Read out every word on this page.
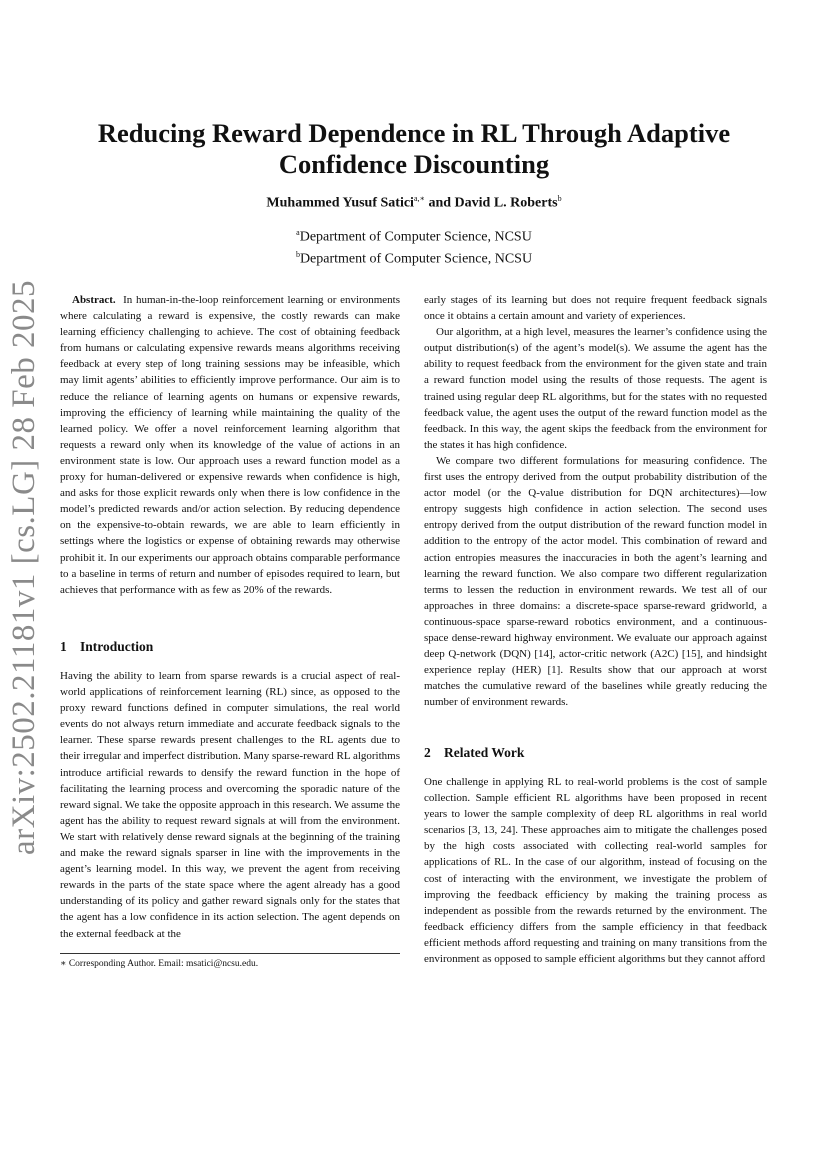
arXiv:2502.21181v1 [cs.LG] 28 Feb 2025
Reducing Reward Dependence in RL Through Adaptive
Confidence Discounting
Muhammed Yusuf Satici$^{a,∗}$ and David L. Roberts$^b$
$^a$Department of Computer Science, NCSU
$^b$Department of Computer Science, NCSU

Abstract. In human-in-the-loop reinforcement learning or environments where calculating a reward is expensive, the costly rewards can make learning efficiency challenging to achieve. The cost of obtaining feedback from humans or calculating expensive rewards means algorithms receiving feedback at every step of long training sessions may be infeasible, which may limit agents’ abilities to efficiently improve performance. Our aim is to reduce the reliance of learning agents on humans or expensive rewards, improving the efficiency of learning while maintaining the quality of the learned policy. We offer a novel reinforcement learning algorithm that requests a reward only when its knowledge of the value of actions in an environment state is low. Our approach uses a reward function model as a proxy for human-delivered or expensive rewards when confidence is high, and asks for those explicit rewards only when there is low confidence in the model’s predicted rewards and/or action selection. By reducing dependence on the expensive-to-obtain rewards, we are able to learn efficiently in settings where the logistics or expense of obtaining rewards may otherwise prohibit it. In our experiments our approach obtains comparable performance to a baseline in terms of return and number of episodes required to learn, but achieves that performance with as few as 20% of the rewards.

1 Introduction

Having the ability to learn from sparse rewards is a crucial aspect of real-world applications of reinforcement learning (RL) since, as opposed to the proxy reward functions defined in computer simulations, the real world events do not always return immediate and accurate feedback signals to the learner. These sparse rewards present challenges to the RL agents due to their irregular and imperfect distribution. Many sparse-reward RL algorithms introduce artificial rewards to densify the reward function in the hope of facilitating the learning process and overcoming the sporadic nature of the reward signal. We take the opposite approach in this research. We assume the agent has the ability to request reward signals at will from the environment. We start with relatively dense reward signals at the beginning of the training and make the reward signals sparser in line with the improvements in the agent’s learning model. In this way, we prevent the agent from receiving rewards in the parts of the state space where the agent already has a good understanding of its policy and gather reward signals only for the states that the agent has a low confidence in its action selection. The agent depends on the external feedback at the

∗ Corresponding Author. Email: msatici@ncsu.edu.

early stages of its learning but does not require frequent feedback signals once it obtains a certain amount and variety of experiences.

Our algorithm, at a high level, measures the learner’s confidence using the output distribution(s) of the agent’s model(s). We assume the agent has the ability to request feedback from the environment for the given state and train a reward function model using the results of those requests. The agent is trained using regular deep RL algorithms, but for the states with no requested feedback value, the agent uses the output of the reward function model as the feedback. In this way, the agent skips the feedback from the environment for the states it has high confidence.

We compare two different formulations for measuring confidence. The first uses the entropy derived from the output probability distribution of the actor model (or the Q-value distribution for DQN architectures)—low entropy suggests high confidence in action selection. The second uses entropy derived from the output distribution of the reward function model in addition to the entropy of the actor model. This combination of reward and action entropies measures the inaccuracies in both the agent’s learning and learning the reward function. We also compare two different regularization terms to lessen the reduction in environment rewards. We test all of our approaches in three domains: a discrete-space sparse-reward gridworld, a continuous-space sparse-reward robotics environment, and a continuous-space dense-reward highway environment. We evaluate our approach against deep Q-network (DQN) [14], actor-critic network (A2C) [15], and hindsight experience replay (HER) [1]. Results show that our approach at worst matches the cumulative reward of the baselines while greatly reducing the number of environment rewards.

2 Related Work

One challenge in applying RL to real-world problems is the cost of sample collection. Sample efficient RL algorithms have been proposed in recent years to lower the sample complexity of deep RL algorithms in real world scenarios [3, 13, 24]. These approaches aim to mitigate the challenges posed by the high costs associated with collecting real-world samples for applications of RL. In the case of our algorithm, instead of focusing on the cost of interacting with the environment, we investigate the problem of improving the feedback efficiency by making the training process as independent as possible from the rewards returned by the environment. The feedback efficiency differs from the sample efficiency in that feedback efficient methods afford requesting and training on many transitions from the environment as opposed to sample efficient algorithms but they cannot afford
